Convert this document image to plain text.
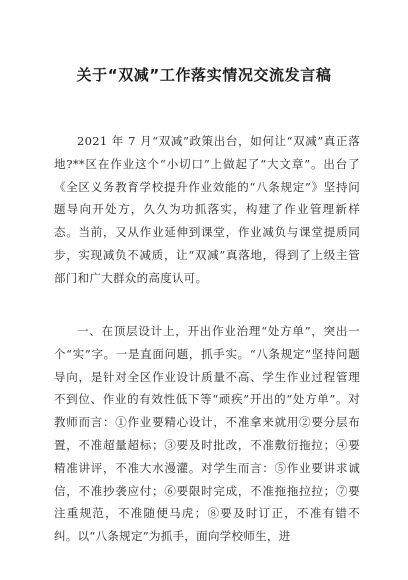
关于“双减”工作落实情况交流发言稿

2021 年 7 月“双减”政策出台，如何让“双减”真正落地?**区在作业这个“小切口”上做起了“大文章”。出台了《全区义务教育学校提升作业效能的“八条规定”》坚持问题导向开处方，久久为功抓落实，构建了作业管理新样态。当前，又从作业延伸到课堂，作业减负与课堂提质同步，实现减负不减质，让“双减”真落地，得到了上级主管部门和广大群众的高度认可。

一、在顶层设计上，开出作业治理“处方单”，突出一个“实”字。一是直面问题，抓手实。“八条规定”坚持问题导向，是针对全区作业设计质量不高、学生作业过程管理不到位、作业的有效性低下等“顽疾”开出的“处方单”。对教师而言：①作业要精心设计，不准拿来就用②要分层布置，不准超量超标；③要及时批改，不准敷衍拖拉；④要精准讲评，不准大水漫灌。对学生而言：⑤作业要讲求诚信，不准抄袭应付；⑥要限时完成，不准拖拖拉拉；⑦要注重规范，不准随便马虎；⑧要及时订正，不准有错不纠。以“八条规定”为抓手，面向学校师生，进
